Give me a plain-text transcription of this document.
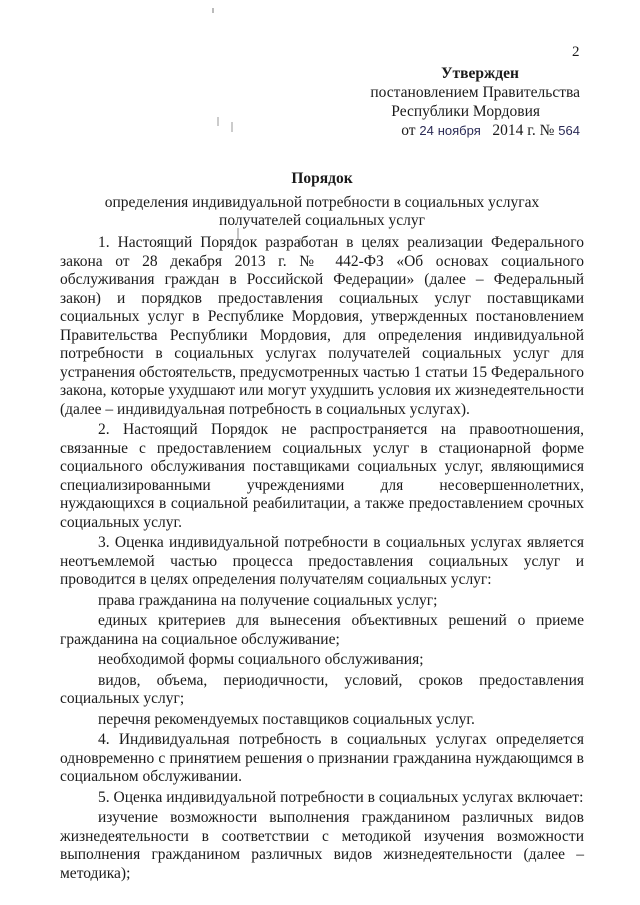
2
Утвержден
постановлением Правительства
Республики Мордовия
от 24 ноября 2014 г. № 564
Порядок
определения индивидуальной потребности в социальных услугах
получателей социальных услуг

1. Настоящий Порядок разработан в целях реализации Федерального закона от 28 декабря 2013 г. № 442-ФЗ «Об основах социального обслуживания граждан в Российской Федерации» (далее – Федеральный закон) и порядков предоставления социальных услуг поставщиками социальных услуг в Республике Мордовия, утвержденных постановлением Правительства Республики Мордовия, для определения индивидуальной потребности в социальных услугах получателей социальных услуг для устранения обстоятельств, предусмотренных частью 1 статьи 15 Федерального закона, которые ухудшают или могут ухудшить условия их жизнедеятельности (далее – индивидуальная потребность в социальных услугах).

2. Настоящий Порядок не распространяется на правоотношения, связанные с предоставлением социальных услуг в стационарной форме социального обслуживания поставщиками социальных услуг, являющимися специализированными учреждениями для несовершеннолетних, нуждающихся в социальной реабилитации, а также предоставлением срочных социальных услуг.

3. Оценка индивидуальной потребности в социальных услугах является неотъемлемой частью процесса предоставления социальных услуг и проводится в целях определения получателям социальных услуг:

права гражданина на получение социальных услуг;

единых критериев для вынесения объективных решений о приеме гражданина на социальное обслуживание;

необходимой формы социального обслуживания;

видов, объема, периодичности, условий, сроков предоставления социальных услуг;

перечня рекомендуемых поставщиков социальных услуг.

4. Индивидуальная потребность в социальных услугах определяется одновременно с принятием решения о признании гражданина нуждающимся в социальном обслуживании.

5. Оценка индивидуальной потребности в социальных услугах включает:

изучение возможности выполнения гражданином различных видов жизнедеятельности в соответствии с методикой изучения возможности выполнения гражданином различных видов жизнедеятельности (далее – методика);
